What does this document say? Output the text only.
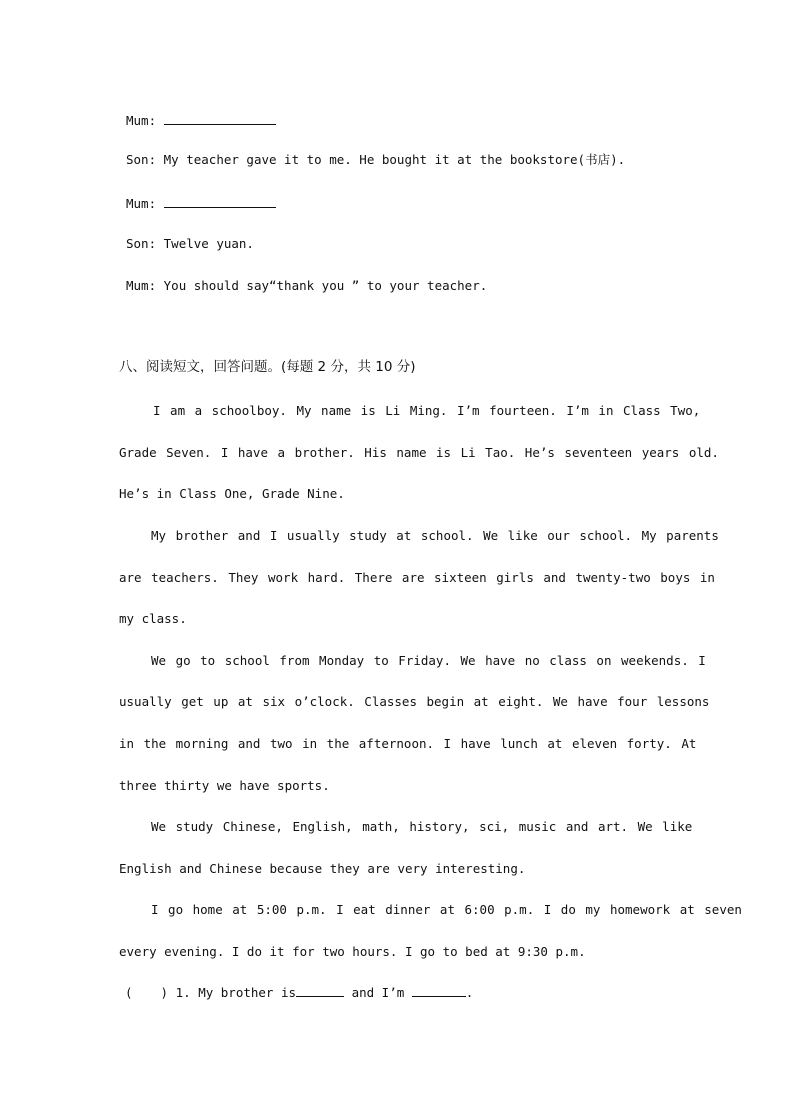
Mum:
Son: My teacher gave it to me. He bought it at the bookstore(书店).
Mum:
Son: Twelve yuan.
Mum: You should say“thank you ” to your teacher.
八、阅读短文，回答问题。(每题 2 分，共 10 分)
I am a schoolboy. My name is Li Ming. I’m fourteen. I’m in Class Two,
Grade Seven. I have a brother. His name is Li Tao. He’s seventeen years old.
He’s in Class One, Grade Nine.
My brother and I usually study at school. We like our school. My parents
are teachers. They work hard. There are sixteen girls and twenty-two boys in
my class.
We go to school from Monday to Friday. We have no class on weekends. I
usually get up at six o’clock. Classes begin at eight. We have four lessons
in the morning and two in the afternoon. I have lunch at eleven forty. At
three thirty we have sports.
We study Chinese, English, math, history, sci, music and art. We like
English and Chinese because they are very interesting.
I go home at 5:00 p.m. I eat dinner at 6:00 p.m. I do my homework at seven
every evening. I do it for two hours. I go to bed at 9:30 p.m.
( ) 1. My brother is	and I’m	.
